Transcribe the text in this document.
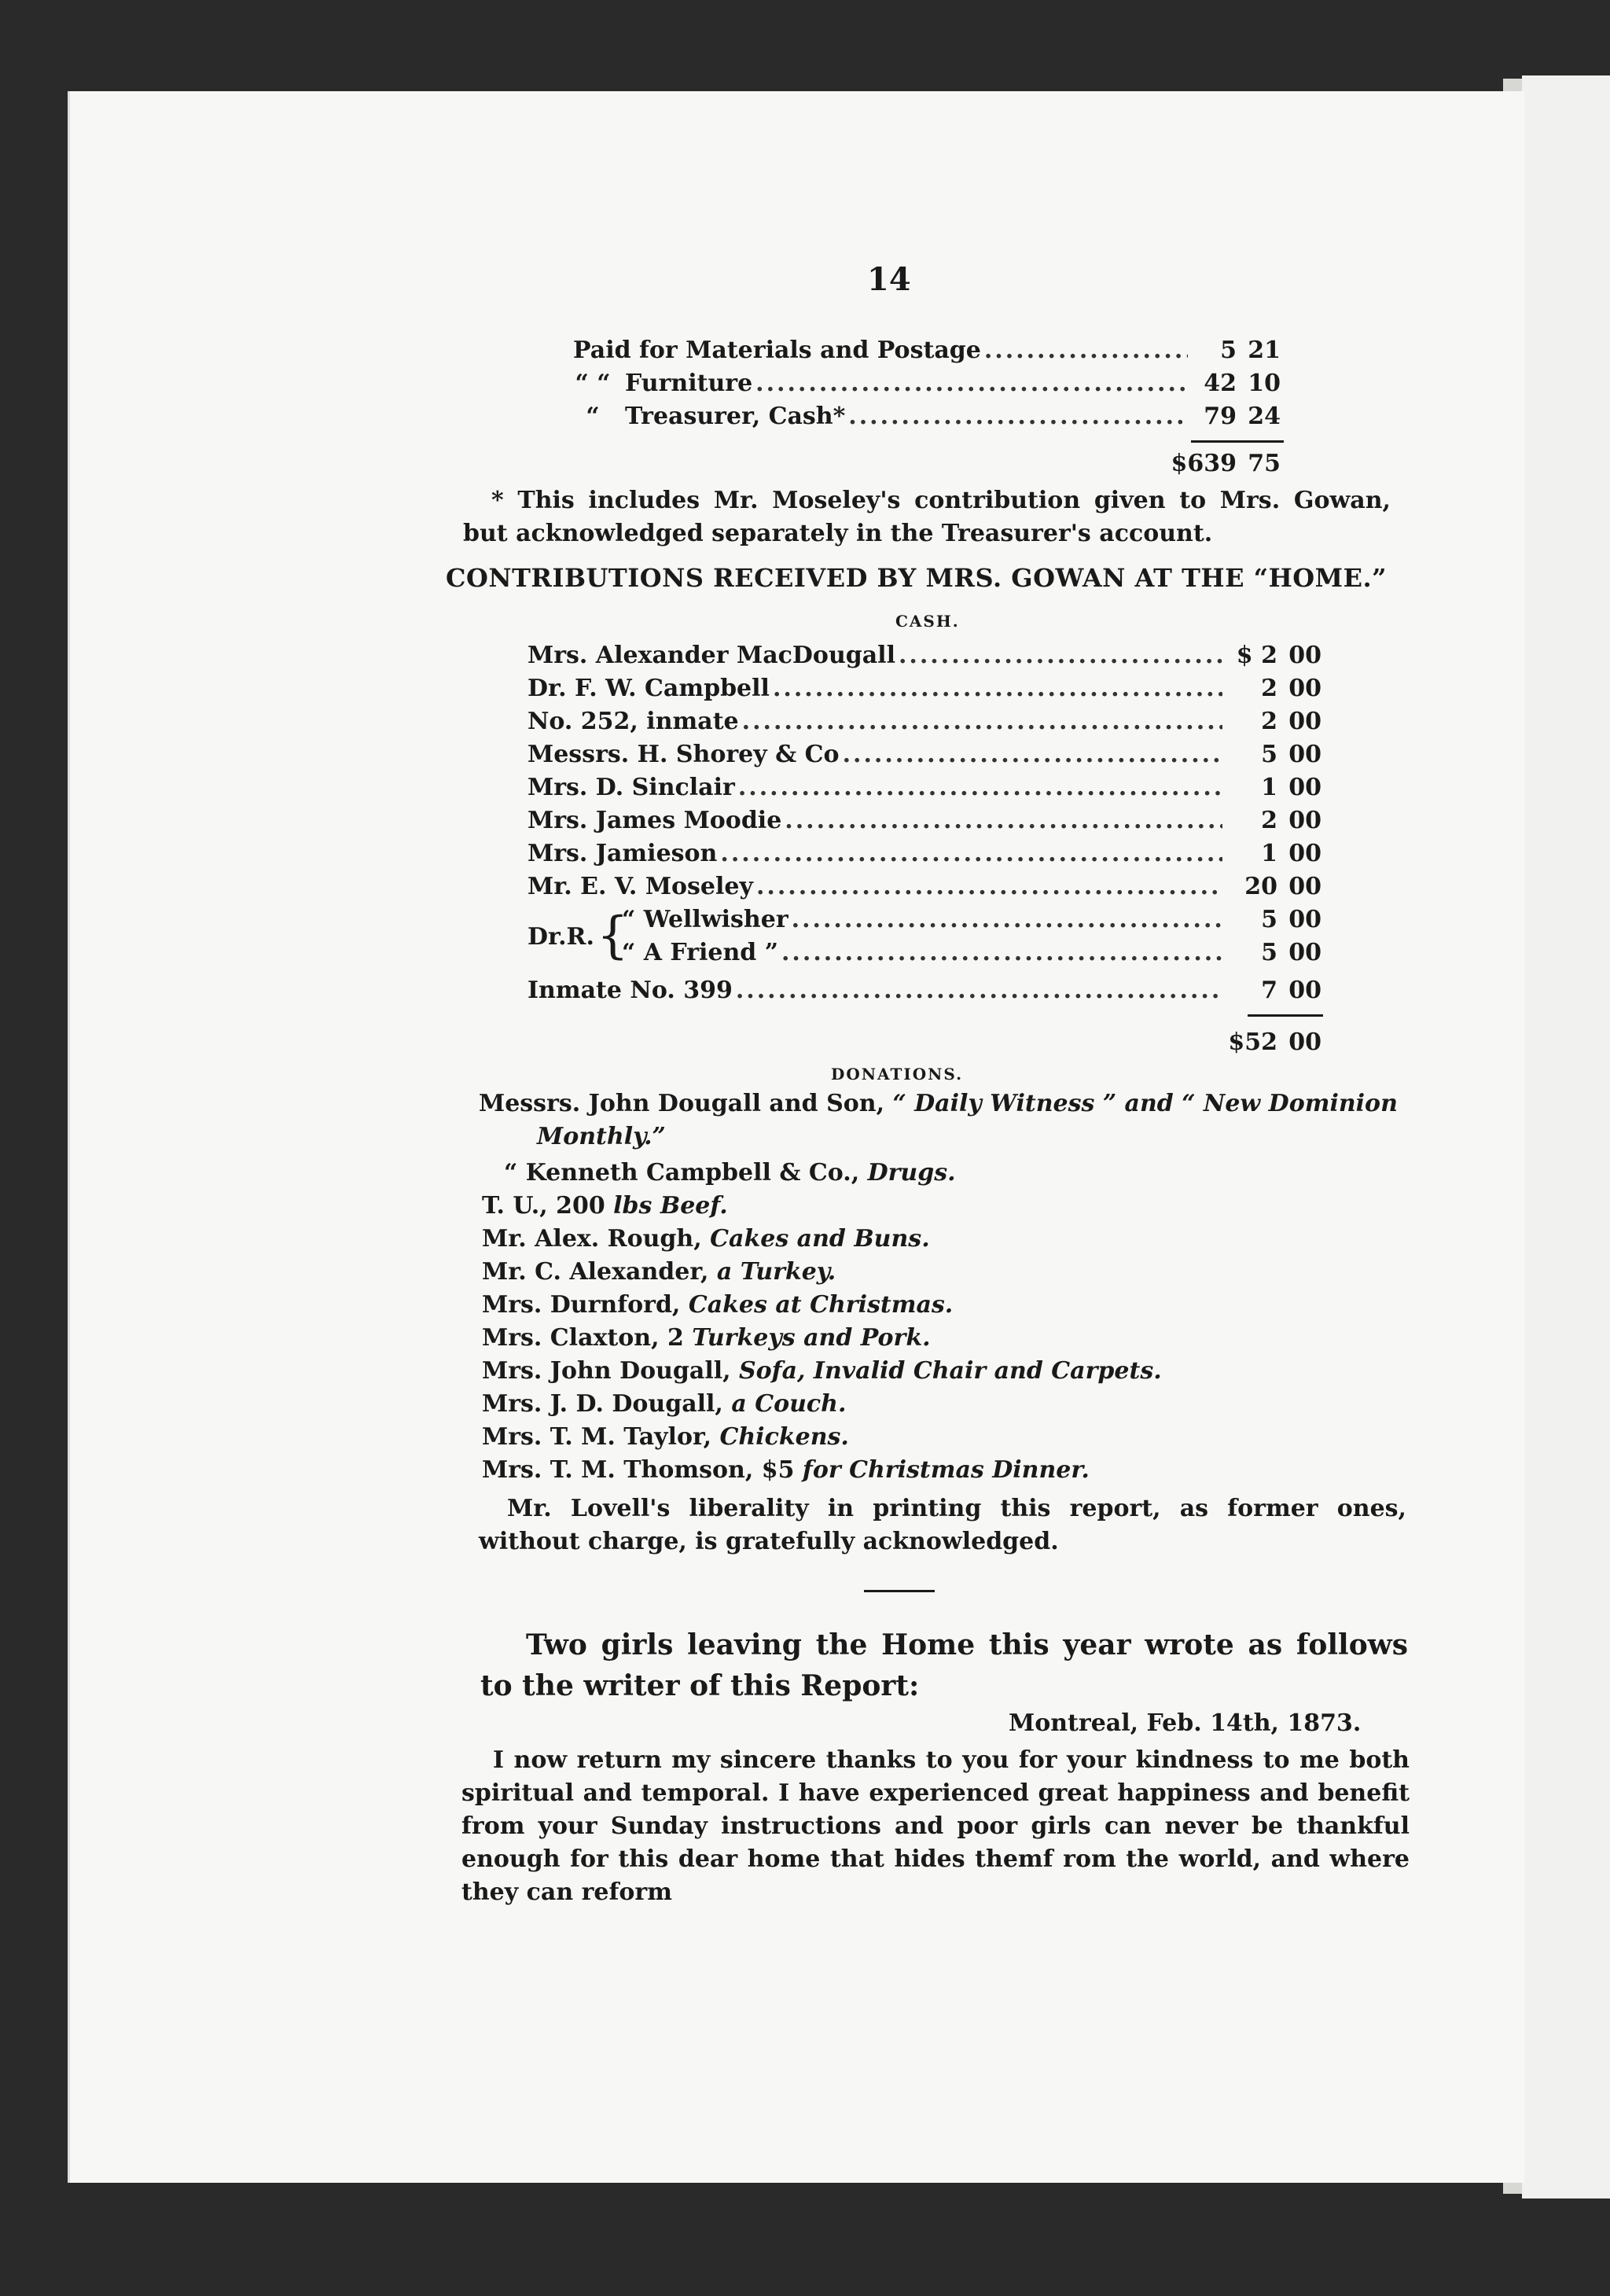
14
Paid for Materials and Postage .....	5 21
“ “ Furniture .....	42 10
“	Treasurer, Cash* .....	79 24
$639 75
* This includes Mr. Moseley's contribution given to Mrs. Gowan, but acknowledged separately in the Treasurer's account.
CONTRIBUTIONS RECEIVED BY MRS. GOWAN AT THE “HOME.”
CASH.
Mrs. Alexander MacDougall .....	$ 2 00
Dr. F. W. Campbell .....	2 00
No. 252, inmate .....	2 00
Messrs. H. Shorey & Co .....	5 00
Mrs. D. Sinclair .....	1 00
Mrs. James Moodie .....	2 00
Mrs. Jamieson .....	1 00
Mr. E. V. Moseley .....	20 00
Dr.R. {
“ Wellwisher .....	5 00
“ A Friend ” .....	5 00
Inmate No. 399 .....	7 00
$52 00
DONATIONS.
Messrs. John Dougall and Son, “ Daily Witness ” and “ New Dominion
Monthly.”
“ Kenneth Campbell & Co., Drugs.
T. U., 200 lbs Beef.
Mr. Alex. Rough, Cakes and Buns.
Mr. C. Alexander, a Turkey.
Mrs. Durnford, Cakes at Christmas.
Mrs. Claxton, 2 Turkeys and Pork.
Mrs. John Dougall, Sofa, Invalid Chair and Carpets.
Mrs. J. D. Dougall, a Couch.
Mrs. T. M. Taylor, Chickens.
Mrs. T. M. Thomson, $5 for Christmas Dinner.
Mr. Lovell's liberality in printing this report, as former ones, without charge, is gratefully acknowledged.
Two girls leaving the Home this year wrote as follows to the writer of this Report:
Montreal, Feb. 14th, 1873.
I now return my sincere thanks to you for your kindness to me both spiritual and temporal. I have experienced great happiness and benefit from your Sunday instructions and poor girls can never be thankful enough for this dear home that hides themf rom the world, and where they can reform
